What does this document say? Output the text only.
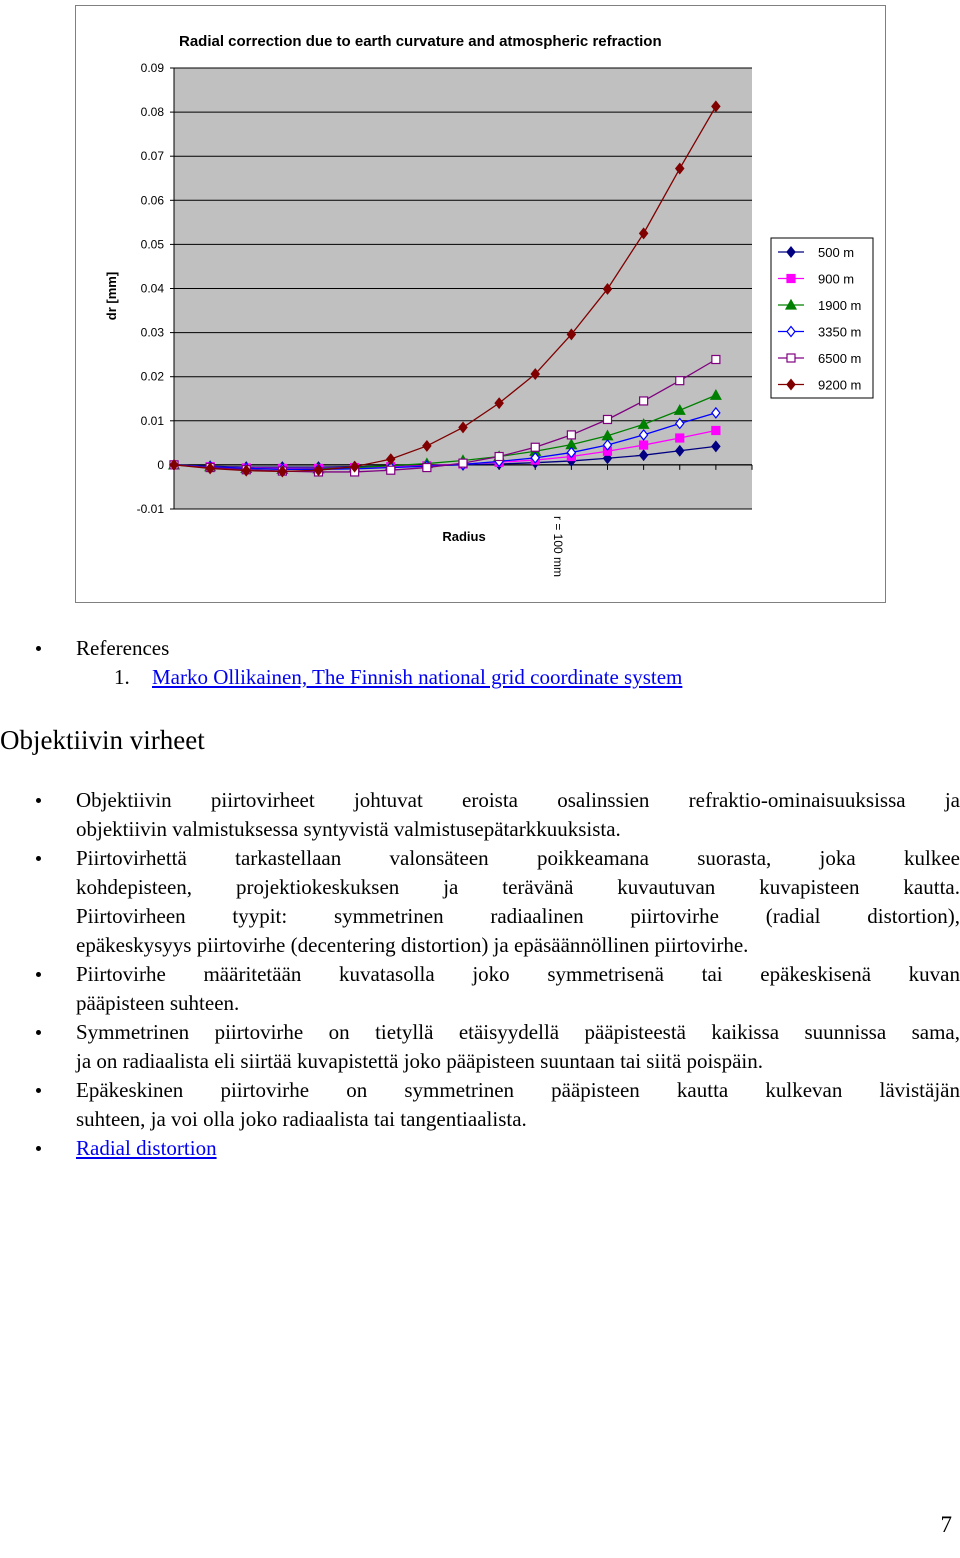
Radial correction due to earth curvature and atmospheric refraction
0.09
0.08
0.07
0.06
0.05
0.04
0.03
0.02
0.01
0
-0.01
dr [mm]
Radius	r = 100 mm
500 m
900 m
1900 m
3350 m
6500 m
9200 m
References
1. Marko Ollikainen, The Finnish national grid coordinate system
Objektiivin virheet
Objektiivin piirtovirheet johtuvat eroista osalinssien refraktio-ominaisuuksissa ja
objektiivin valmistuksessa syntyvistä valmistusepätarkkuuksista.
Piirtovirhettä tarkastellaan valonsäteen poikkeamana suorasta, joka kulkee
kohdepisteen, projektiokeskuksen ja terävänä kuvautuvan kuvapisteen kautta.
Piirtovirheen tyypit: symmetrinen radiaalinen piirtovirhe (radial distortion),
epäkeskysyys piirtovirhe (decentering distortion) ja epäsäännöllinen piirtovirhe.
Piirtovirhe määritetään kuvatasolla joko symmetrisenä tai epäkeskisenä kuvan
pääpisteen suhteen.
Symmetrinen piirtovirhe on tietyllä etäisyydellä pääpisteestä kaikissa suunnissa sama,
ja on radiaalista eli siirtää kuvapistettä joko pääpisteen suuntaan tai siitä poispäin.
Epäkeskinen piirtovirhe on symmetrinen pääpisteen kautta kulkevan lävistäjän
suhteen, ja voi olla joko radiaalista tai tangentiaalista.
Radial distortion
7
